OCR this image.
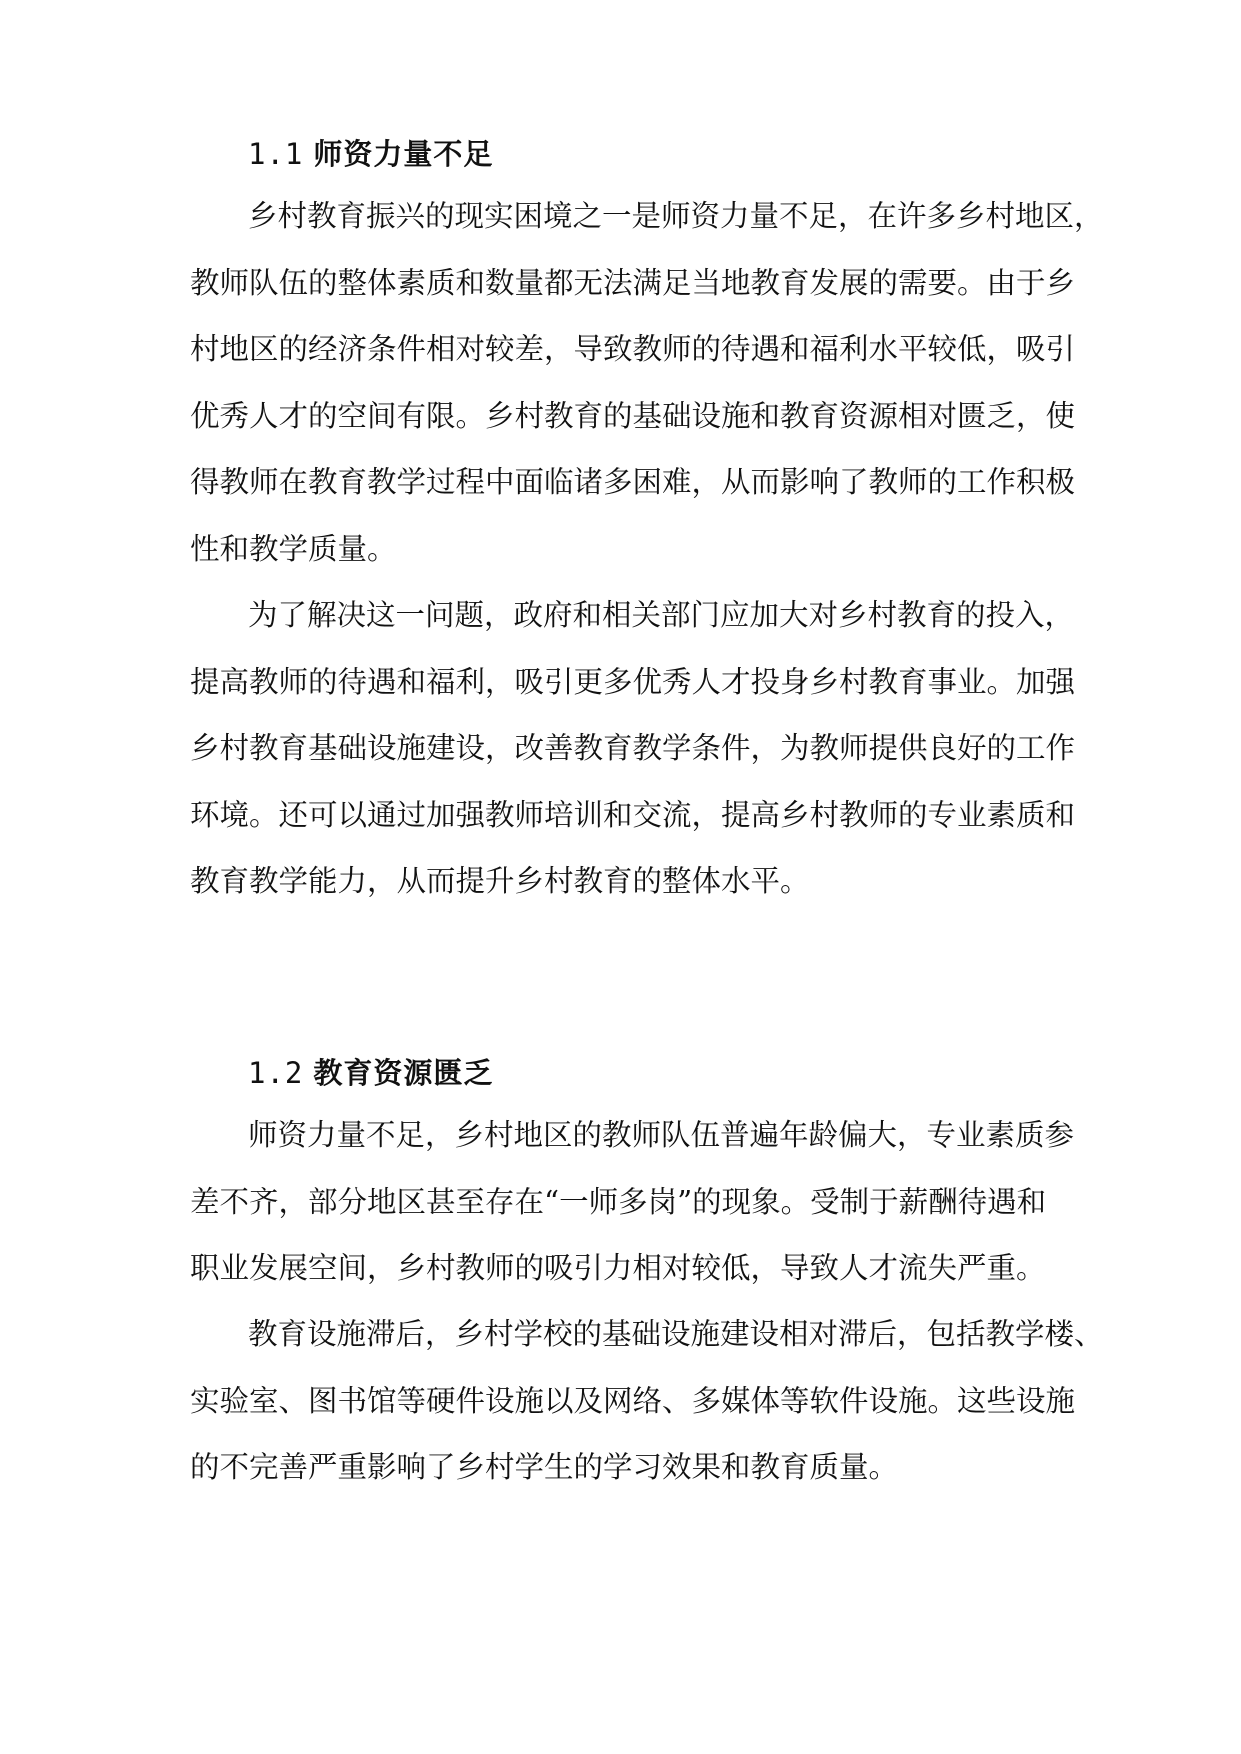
1.1 师资力量不足
乡村教育振兴的现实困境之一是师资力量不足，在许多乡村地区，
教师队伍的整体素质和数量都无法满足当地教育发展的需要。由于乡
村地区的经济条件相对较差，导致教师的待遇和福利水平较低，吸引
优秀人才的空间有限。乡村教育的基础设施和教育资源相对匮乏，使
得教师在教育教学过程中面临诸多困难，从而影响了教师的工作积极
性和教学质量。
为了解决这一问题，政府和相关部门应加大对乡村教育的投入，
提高教师的待遇和福利，吸引更多优秀人才投身乡村教育事业。加强
乡村教育基础设施建设，改善教育教学条件，为教师提供良好的工作
环境。还可以通过加强教师培训和交流，提高乡村教师的专业素质和
教育教学能力，从而提升乡村教育的整体水平。
1.2 教育资源匮乏
师资力量不足，乡村地区的教师队伍普遍年龄偏大，专业素质参
差不齐，部分地区甚至存在“一师多岗”的现象。受制于薪酬待遇和
职业发展空间，乡村教师的吸引力相对较低，导致人才流失严重。
教育设施滞后，乡村学校的基础设施建设相对滞后，包括教学楼、
实验室、图书馆等硬件设施以及网络、多媒体等软件设施。这些设施
的不完善严重影响了乡村学生的学习效果和教育质量。
